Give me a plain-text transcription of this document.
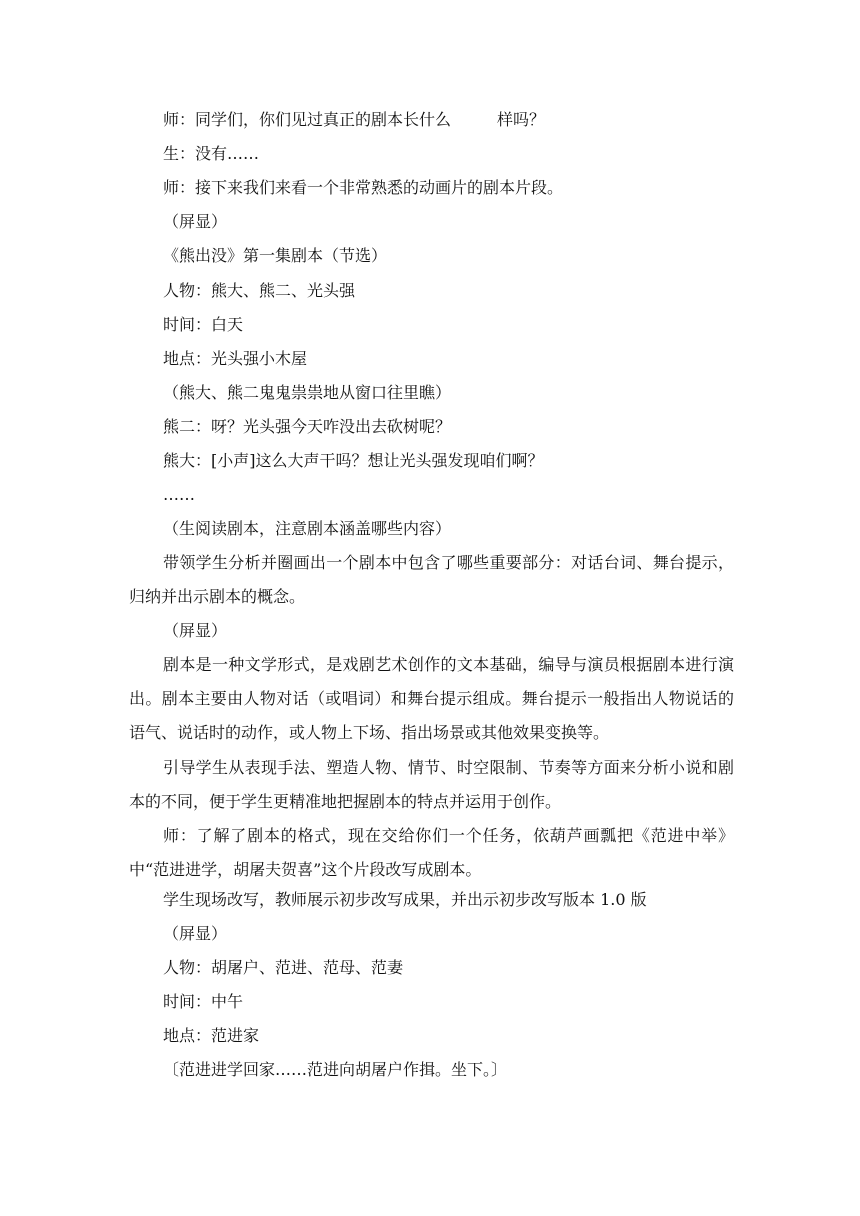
师：同学们，你们见过真正的剧本长什么	样吗？
生：没有……
师：接下来我们来看一个非常熟悉的动画片的剧本片段。
（屏显）
《熊出没》第一集剧本（节选）
人物：熊大、熊二、光头强
时间：白天
地点：光头强小木屋
（熊大、熊二鬼鬼祟祟地从窗口往里瞧）
熊二：呀？光头强今天咋没出去砍树呢？
熊大：[小声]这么大声干吗？想让光头强发现咱们啊？
……
（生阅读剧本，注意剧本涵盖哪些内容）
带领学生分析并圈画出一个剧本中包含了哪些重要部分：对话台词、舞台提示，归纳并出示剧本的概念。
（屏显）
剧本是一种文学形式，是戏剧艺术创作的文本基础，编导与演员根据剧本进行演出。剧本主要由人物对话（或唱词）和舞台提示组成。舞台提示一般指出人物说话的语气、说话时的动作，或人物上下场、指出场景或其他效果变换等。
引导学生从表现手法、塑造人物、情节、时空限制、节奏等方面来分析小说和剧本的不同，便于学生更精准地把握剧本的特点并运用于创作。
师：了解了剧本的格式，现在交给你们一个任务，依葫芦画瓢把《范进中举》中“范进进学，胡屠夫贺喜”这个片段改写成剧本。
学生现场改写，教师展示初步改写成果，并出示初步改写版本 1.0 版
（屏显）
人物：胡屠户、范进、范母、范妻
时间：中午
地点：范进家
〔范进进学回家……范进向胡屠户作揖。坐下。〕
